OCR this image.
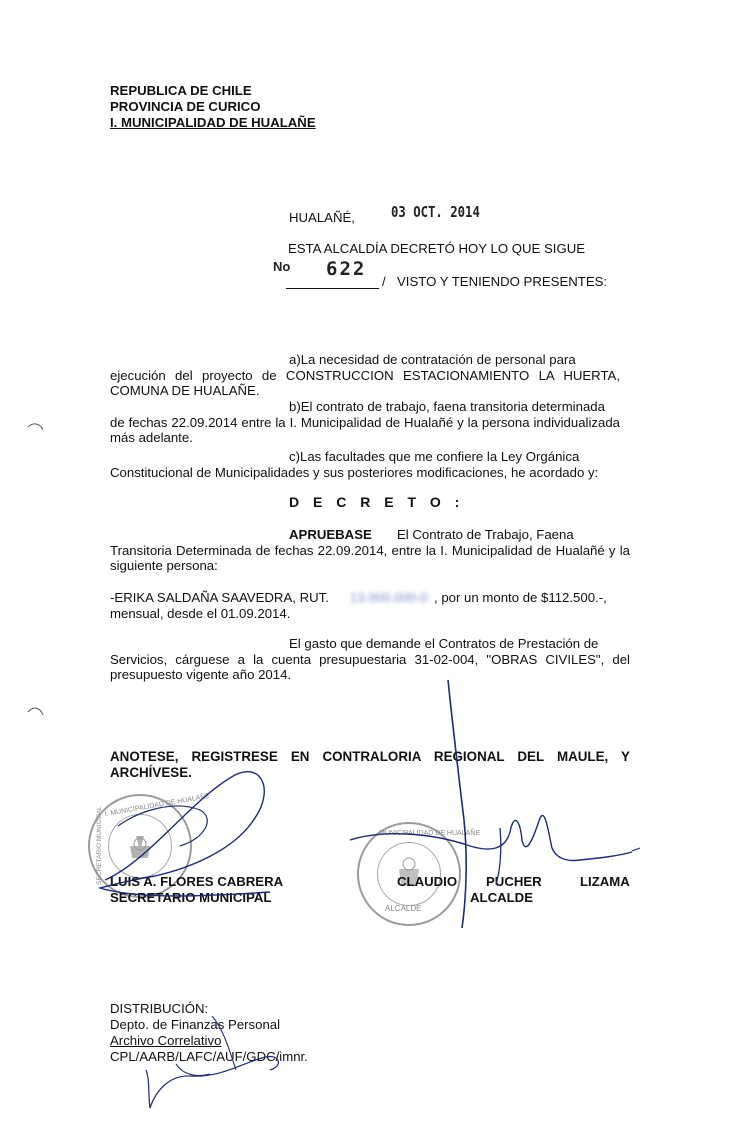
REPUBLICA DE CHILE
PROVINCIA DE CURICO
I. MUNICIPALIDAD DE HUALAÑE
HUALAÑÉ, 03 OCT. 2014
ESTA ALCALDÍA DECRETÓ HOY LO QUE SIGUE
No 622
/ VISTO Y TENIENDO PRESENTES:
a)La necesidad de contratación de personal para
ejecución del proyecto de CONSTRUCCION ESTACIONAMIENTO LA HUERTA, COMUNA DE HUALAÑE.
b)El contrato de trabajo, faena transitoria determinada
de fechas 22.09.2014 entre la I. Municipalidad de Hualañé y la persona individualizada más adelante.
c)Las facultades que me confiere la Ley Orgánica
Constitucional de Municipalidades y sus posteriores modificaciones, he acordado y:
D E C R E T O :
APRUEBASE El Contrato de Trabajo, Faena
Transitoria Determinada de fechas 22.09.2014, entre la I. Municipalidad de Hualañé y la siguiente persona:
-ERIKA SALDAÑA SAAVEDRA, RUT. 13.000.000-0 , por un monto de $112.500.-,
mensual, desde el 01.09.2014.
El gasto que demande el Contratos de Prestación de
Servicios, cárguese a la cuenta presupuestaria 31-02-004, "OBRAS CIVILES", del presupuesto vigente año 2014.
ANOTESE, REGISTRESE EN CONTRALORIA REGIONAL DEL MAULE, Y ARCHÍVESE.
I. MUNICIPALIDAD DE HUALAÑE
SECRETARIO MUNICIPAL LUIS A. FLORES CABRERA
SECRETARIO MUNICIPAL
MUNICIPALIDAD DE HUALAÑE
ALCALDE
CLAUDIO PUCHER	LIZAMA
ALCALDE
DISTRIBUCIÓN:
Depto. de Finanzas Personal
Archivo Correlativo
CPL/AARB/LAFC/AUF/GDC/imnr.
